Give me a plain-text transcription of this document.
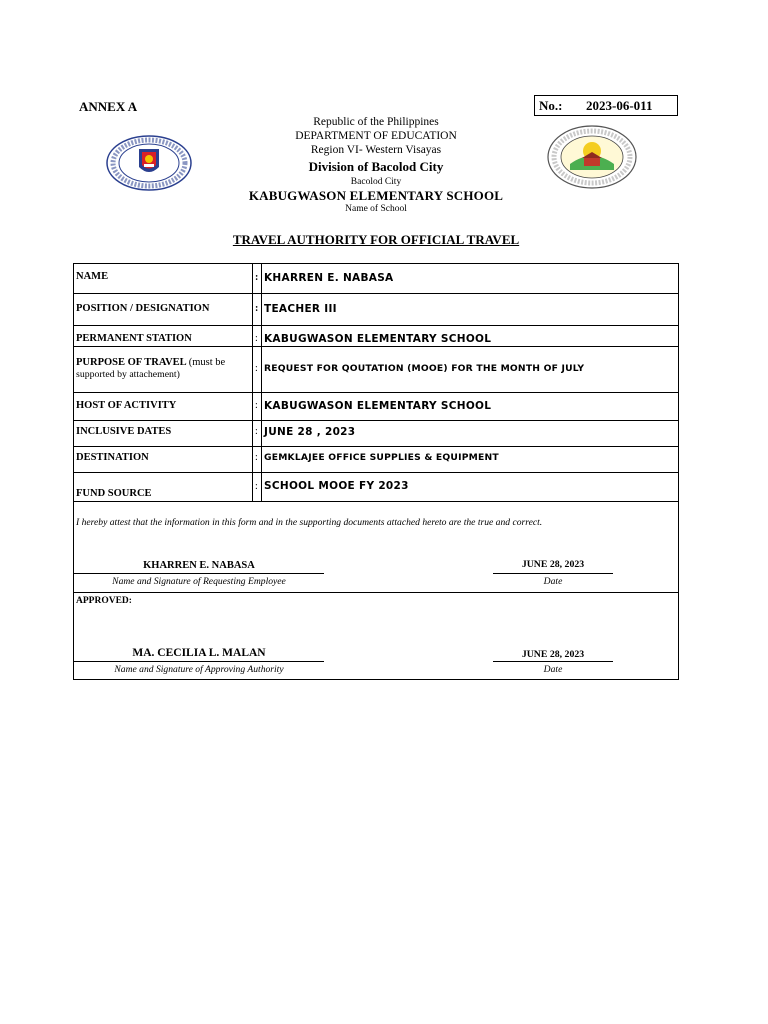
ANNEX A	No.: 2023-06-011
Republic of the Philippines
DEPARTMENT OF EDUCATION
Region VI- Western Visayas
Division of Bacolod City
Bacolod City
KABUGWASON ELEMENTARY SCHOOL
Name of School
TRAVEL AUTHORITY FOR OFFICIAL TRAVEL
NAME	: KHARREN E. NABASA
POSITION / DESIGNATION	: TEACHER III
PERMANENT STATION	: KABUGWASON ELEMENTARY SCHOOL
PURPOSE OF TRAVEL (must be
supported by attachement)
: REQUEST FOR QOUTATION (MOOE) FOR THE MONTH OF JULY
HOST OF ACTIVITY	: KABUGWASON ELEMENTARY SCHOOL
INCLUSIVE DATES	: JUNE 28 , 2023
DESTINATION	: GEMKLAJEE OFFICE SUPPLIES & EQUIPMENT
FUND SOURCE
: SCHOOL MOOE FY 2023
I hereby attest that the information in this form and in the supporting documents attached hereto are the true and correct.
KHARREN E. NABASA
Name and Signature of Requesting Employee
JUNE 28, 2023
Date
APPROVED:
MA. CECILIA L. MALAN
Name and Signature of Approving Authority
JUNE 28, 2023
Date
